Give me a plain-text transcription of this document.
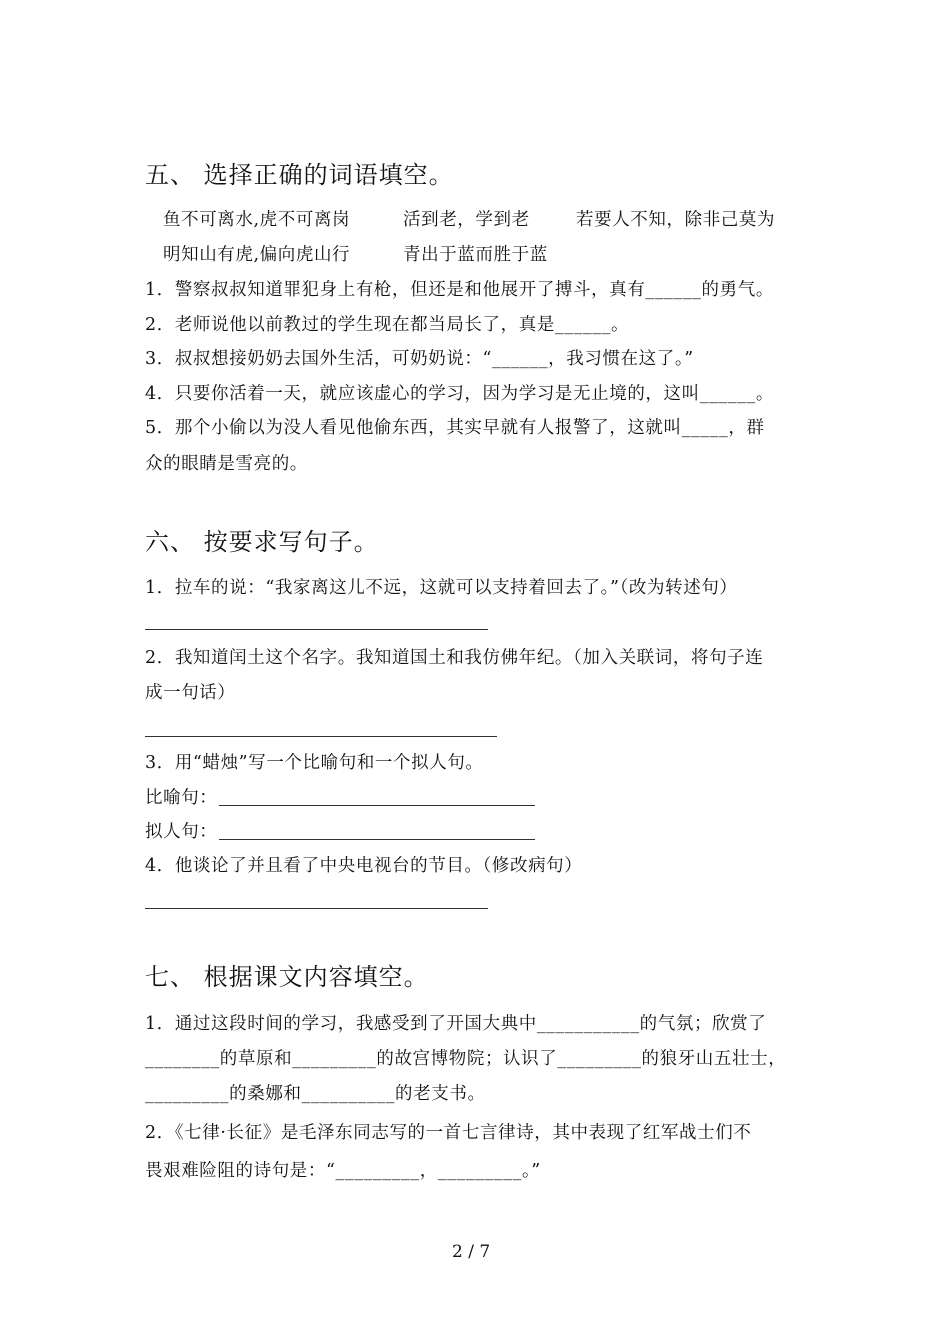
五、 选择正确的词语填空。
鱼不可离水,虎不可离岗	活到老，学到老	若要人不知，除非己莫为
明知山有虎,偏向虎山行	青出于蓝而胜于蓝
1．警察叔叔知道罪犯身上有枪，但还是和他展开了搏斗，真有______的勇气。
2．老师说他以前教过的学生现在都当局长了，真是______。
3．叔叔想接奶奶去国外生活，可奶奶说：“______，我习惯在这了。”
4．只要你活着一天，就应该虚心的学习，因为学习是无止境的，这叫______。
5．那个小偷以为没人看见他偷东西，其实早就有人报警了，这就叫_____，群
众的眼睛是雪亮的。
六、 按要求写句子。
1．拉车的说：“我家离这儿不远，这就可以支持着回去了。”（改为转述句）
2．我知道闰土这个名字。我知道国土和我仿佛年纪。（加入关联词，将句子连
成一句话）
3．用“蜡烛”写一个比喻句和一个拟人句。
比喻句：
拟人句：
4．他谈论了并且看了中央电视台的节目。（修改病句）
七、 根据课文内容填空。
1．通过这段时间的学习，我感受到了开国大典中___________的气氛；欣赏了
________的草原和_________的故宫博物院；认识了_________的狼牙山五壮士，
_________的桑娜和__________的老支书。
2．《七律·长征》是毛泽东同志写的一首七言律诗，其中表现了红军战士们不
畏艰难险阻的诗句是：“_________，_________。”
2 / 7
